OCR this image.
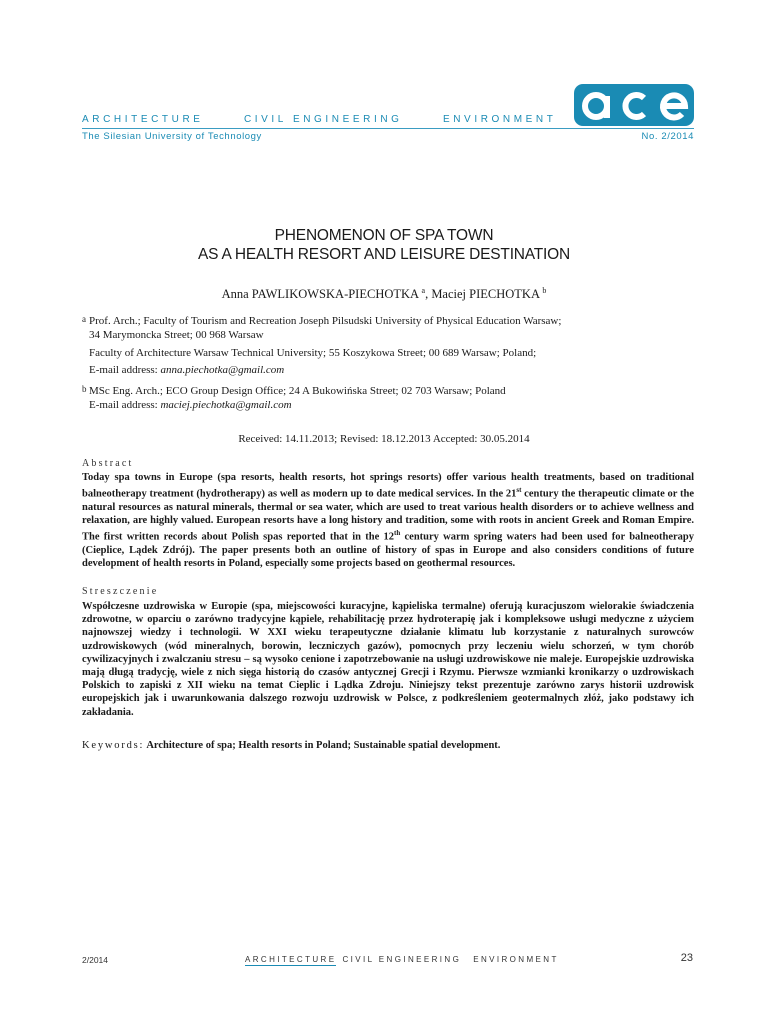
ARCHITECTURE	CIVIL ENGINEERING	ENVIRONMENT
The Silesian University of Technology	No. 2/2014
ace
PHENOMENON OF SPA TOWN
AS A HEALTH RESORT AND LEISURE DESTINATION
Anna PAWLIKOWSKA-PIECHOTKA $^a$, Maciej PIECHOTKA $^b$
a Prof. Arch.; Faculty of Tourism and Recreation Joseph Pilsudski University of Physical Education Warsaw;
34 Marymoncka Street; 00 968 Warsaw
Faculty of Architecture Warsaw Technical University; 55 Koszykowa Street; 00 689 Warsaw; Poland;
E-mail address: anna.piechotka@gmail.com
b MSc Eng. Arch.; ECO Group Design Office; 24 A Bukowińska Street; 02 703 Warsaw; Poland
E-mail address: maciej.piechotka@gmail.com
Received: 14.11.2013; Revised: 18.12.2013 Accepted: 30.05.2014
Abstract
Today spa towns in Europe (spa resorts, health resorts, hot springs resorts) offer various health treatments, based on traditional balneotherapy treatment (hydrotherapy) as well as modern up to date medical services. In the 21st century the therapeutic climate or the natural resources as natural minerals, thermal or sea water, which are used to treat various health disorders or to achieve wellness and relaxation, are highly valued. European resorts have a long history and tradition, some with roots in ancient Greek and Roman Empire. The first written records about Polish spas reported that in the 12th century warm spring waters had been used for balneotherapy (Cieplice, Lądek Zdrój). The paper presents both an outline of history of spas in Europe and also considers conditions of future development of health resorts in Poland, especially some projects based on geothermal resources.
Streszczenie
Współczesne uzdrowiska w Europie (spa, miejscowości kuracyjne, kąpieliska termalne) oferują kuracjuszom wielorakie świadczenia zdrowotne, w oparciu o zarówno tradycyjne kąpiele, rehabilitację przez hydroterapię jak i kompleksowe usługi medyczne z użyciem najnowszej wiedzy i technologii. W XXI wieku terapeutyczne działanie klimatu lub korzystanie z naturalnych surowców uzdrowiskowych (wód mineralnych, borowin, leczniczych gazów), pomocnych przy leczeniu wielu schorzeń, w tym chorób cywilizacyjnych i zwalczaniu stresu – są wysoko cenione i zapotrzebowanie na usługi uzdrowiskowe nie maleje. Europejskie uzdrowiska mają długą tradycję, wiele z nich sięga historią do czasów antycznej Grecji i Rzymu. Pierwsze wzmianki kronikarzy o uzdrowiskach Polskich to zapiski z XII wieku na temat Cieplic i Lądka Zdroju. Niniejszy tekst prezentuje zarówno zarys historii uzdrowisk europejskich jak i uwarunkowania dalszego rozwoju uzdrowisk w Polsce, z podkreśleniem geotermalnych złóż, jako podstawy ich zakładania.
Keywords: Architecture of spa; Health resorts in Poland; Sustainable spatial development.
2/2014	ARCHITECTURE CIVIL ENGINEERING ENVIRONMENT	23
